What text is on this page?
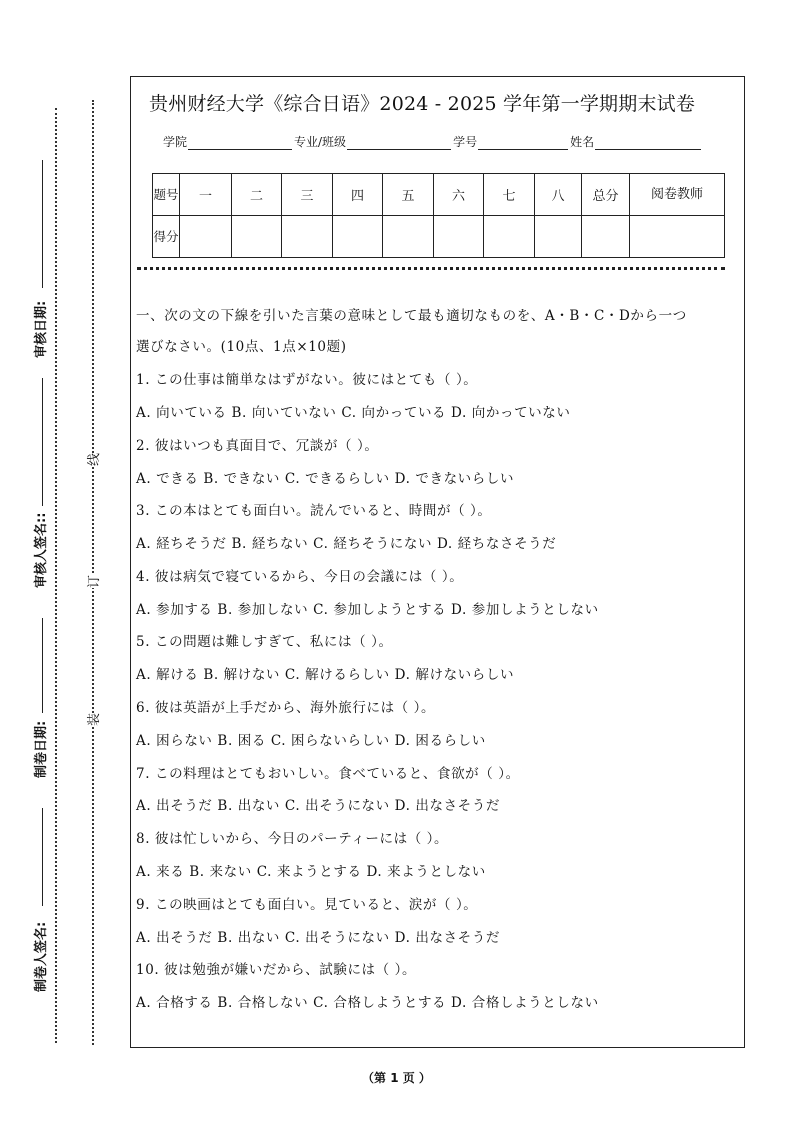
审核日期:
审核人签名::
制卷日期:
制卷人签名:
线
订
装
贵州财经大学《综合日语》2024 - 2025 学年第一学期期末试卷
学院	专业/班级	学号	姓名
题号	一	二	三	四	五	六	七	八	总分	阅卷教师
得分										
一、次の文の下線を引いた言葉の意味として最も適切なものを、A・B・C・Dから一つ
選びなさい。(10点、1点×10题)
1. この仕事は簡単なはずがない。彼にはとても（ ）。
A. 向いている B. 向いていない C. 向かっている D. 向かっていない
2. 彼はいつも真面目で、冗談が（ ）。
A. できる B. できない C. できるらしい D. できないらしい
3. この本はとても面白い。読んでいると、時間が（ ）。
A. 経ちそうだ B. 経ちない C. 経ちそうにない D. 経ちなさそうだ
4. 彼は病気で寝ているから、今日の会議には（ ）。
A. 参加する B. 参加しない C. 参加しようとする D. 参加しようとしない
5. この問題は難しすぎて、私には（ ）。
A. 解ける B. 解けない C. 解けるらしい D. 解けないらしい
6. 彼は英語が上手だから、海外旅行には（ ）。
A. 困らない B. 困る C. 困らないらしい D. 困るらしい
7. この料理はとてもおいしい。食べていると、食欲が（ ）。
A. 出そうだ B. 出ない C. 出そうにない D. 出なさそうだ
8. 彼は忙しいから、今日のパーティーには（ ）。
A. 来る B. 来ない C. 来ようとする D. 来ようとしない
9. この映画はとても面白い。見ていると、涙が（ ）。
A. 出そうだ B. 出ない C. 出そうにない D. 出なさそうだ
10. 彼は勉強が嫌いだから、試験には（ ）。
A. 合格する B. 合格しない C. 合格しようとする D. 合格しようとしない
（第 1 页 ）
